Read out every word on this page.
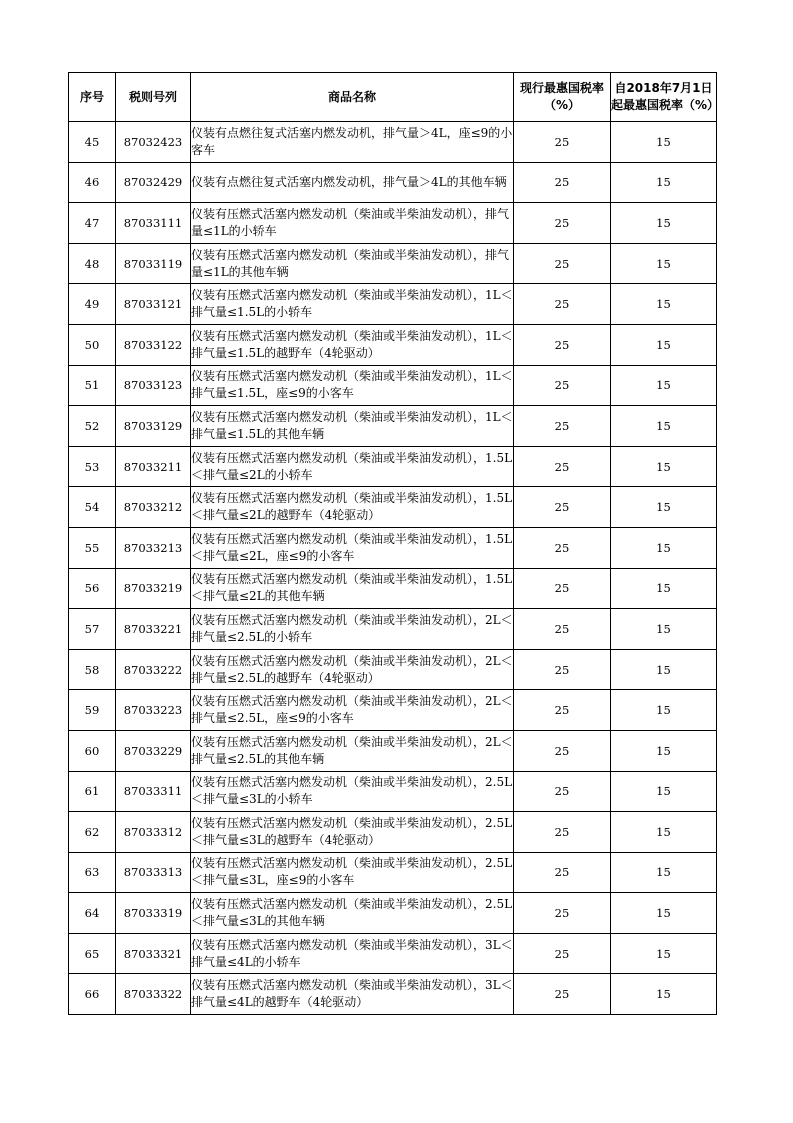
序号	税则号列	商品名称	现行最惠国税率（%）	自2018年7月1日起最惠国税率（%）
45	87032423	仪装有点燃往复式活塞内燃发动机，排气量＞4L，座≤9的小客车	25	15
46	87032429	仪装有点燃往复式活塞内燃发动机，排气量＞4L的其他车辆	25	15
47	87033111	仪装有压燃式活塞内燃发动机（柴油或半柴油发动机），排气量≤1L的小轿车	25	15
48	87033119	仪装有压燃式活塞内燃发动机（柴油或半柴油发动机），排气量≤1L的其他车辆	25	15
49	87033121	仪装有压燃式活塞内燃发动机（柴油或半柴油发动机），1L＜排气量≤1.5L的小轿车	25	15
50	87033122	仪装有压燃式活塞内燃发动机（柴油或半柴油发动机），1L＜排气量≤1.5L的越野车（4轮驱动）	25	15
51	87033123	仪装有压燃式活塞内燃发动机（柴油或半柴油发动机），1L＜排气量≤1.5L，座≤9的小客车	25	15
52	87033129	仪装有压燃式活塞内燃发动机（柴油或半柴油发动机），1L＜排气量≤1.5L的其他车辆	25	15
53	87033211	仪装有压燃式活塞内燃发动机（柴油或半柴油发动机），1.5L＜排气量≤2L的小轿车	25	15
54	87033212	仪装有压燃式活塞内燃发动机（柴油或半柴油发动机），1.5L＜排气量≤2L的越野车（4轮驱动）	25	15
55	87033213	仪装有压燃式活塞内燃发动机（柴油或半柴油发动机），1.5L＜排气量≤2L，座≤9的小客车	25	15
56	87033219	仪装有压燃式活塞内燃发动机（柴油或半柴油发动机），1.5L＜排气量≤2L的其他车辆	25	15
57	87033221	仪装有压燃式活塞内燃发动机（柴油或半柴油发动机），2L＜排气量≤2.5L的小轿车	25	15
58	87033222	仪装有压燃式活塞内燃发动机（柴油或半柴油发动机），2L＜排气量≤2.5L的越野车（4轮驱动）	25	15
59	87033223	仪装有压燃式活塞内燃发动机（柴油或半柴油发动机），2L＜排气量≤2.5L，座≤9的小客车	25	15
60	87033229	仪装有压燃式活塞内燃发动机（柴油或半柴油发动机），2L＜排气量≤2.5L的其他车辆	25	15
61	87033311	仪装有压燃式活塞内燃发动机（柴油或半柴油发动机），2.5L＜排气量≤3L的小轿车	25	15
62	87033312	仪装有压燃式活塞内燃发动机（柴油或半柴油发动机），2.5L＜排气量≤3L的越野车（4轮驱动）	25	15
63	87033313	仪装有压燃式活塞内燃发动机（柴油或半柴油发动机），2.5L＜排气量≤3L，座≤9的小客车	25	15
64	87033319	仪装有压燃式活塞内燃发动机（柴油或半柴油发动机），2.5L＜排气量≤3L的其他车辆	25	15
65	87033321	仪装有压燃式活塞内燃发动机（柴油或半柴油发动机），3L＜排气量≤4L的小轿车	25	15
66	87033322	仪装有压燃式活塞内燃发动机（柴油或半柴油发动机），3L＜排气量≤4L的越野车（4轮驱动）	25	15
